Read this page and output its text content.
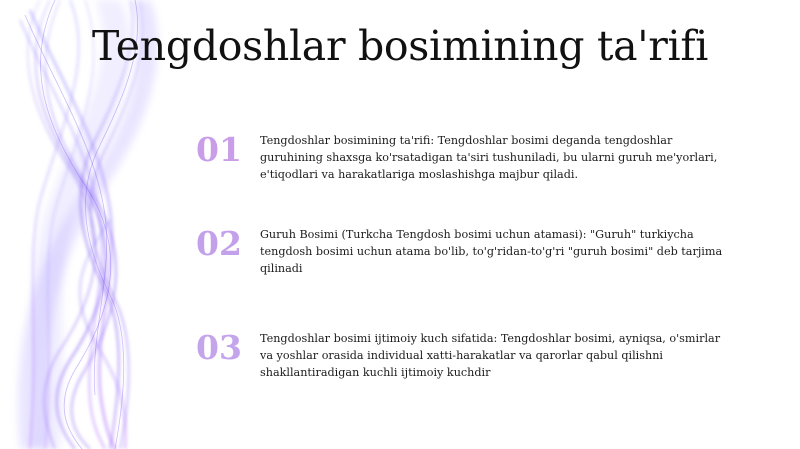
Tengdoshlar bosimining ta'rifi
01	Tengdoshlar bosimining ta'rifi: Tengdoshlar bosimi deganda tengdoshlar guruhining shaxsga ko'rsatadigan ta'siri tushuniladi, bu ularni guruh me'yorlari, e'tiqodlari va harakatlariga moslashishga majbur qiladi.
02	Guruh Bosimi (Turkcha Tengdosh bosimi uchun atamasi): "Guruh" turkiycha tengdosh bosimi uchun atama bo'lib, to'g'ridan-to'g'ri "guruh bosimi" deb tarjima qilinadi
03	Tengdoshlar bosimi ijtimoiy kuch sifatida: Tengdoshlar bosimi, ayniqsa, o'smirlar va yoshlar orasida individual xatti-harakatlar va qarorlar qabul qilishni shakllantiradigan kuchli ijtimoiy kuchdir
